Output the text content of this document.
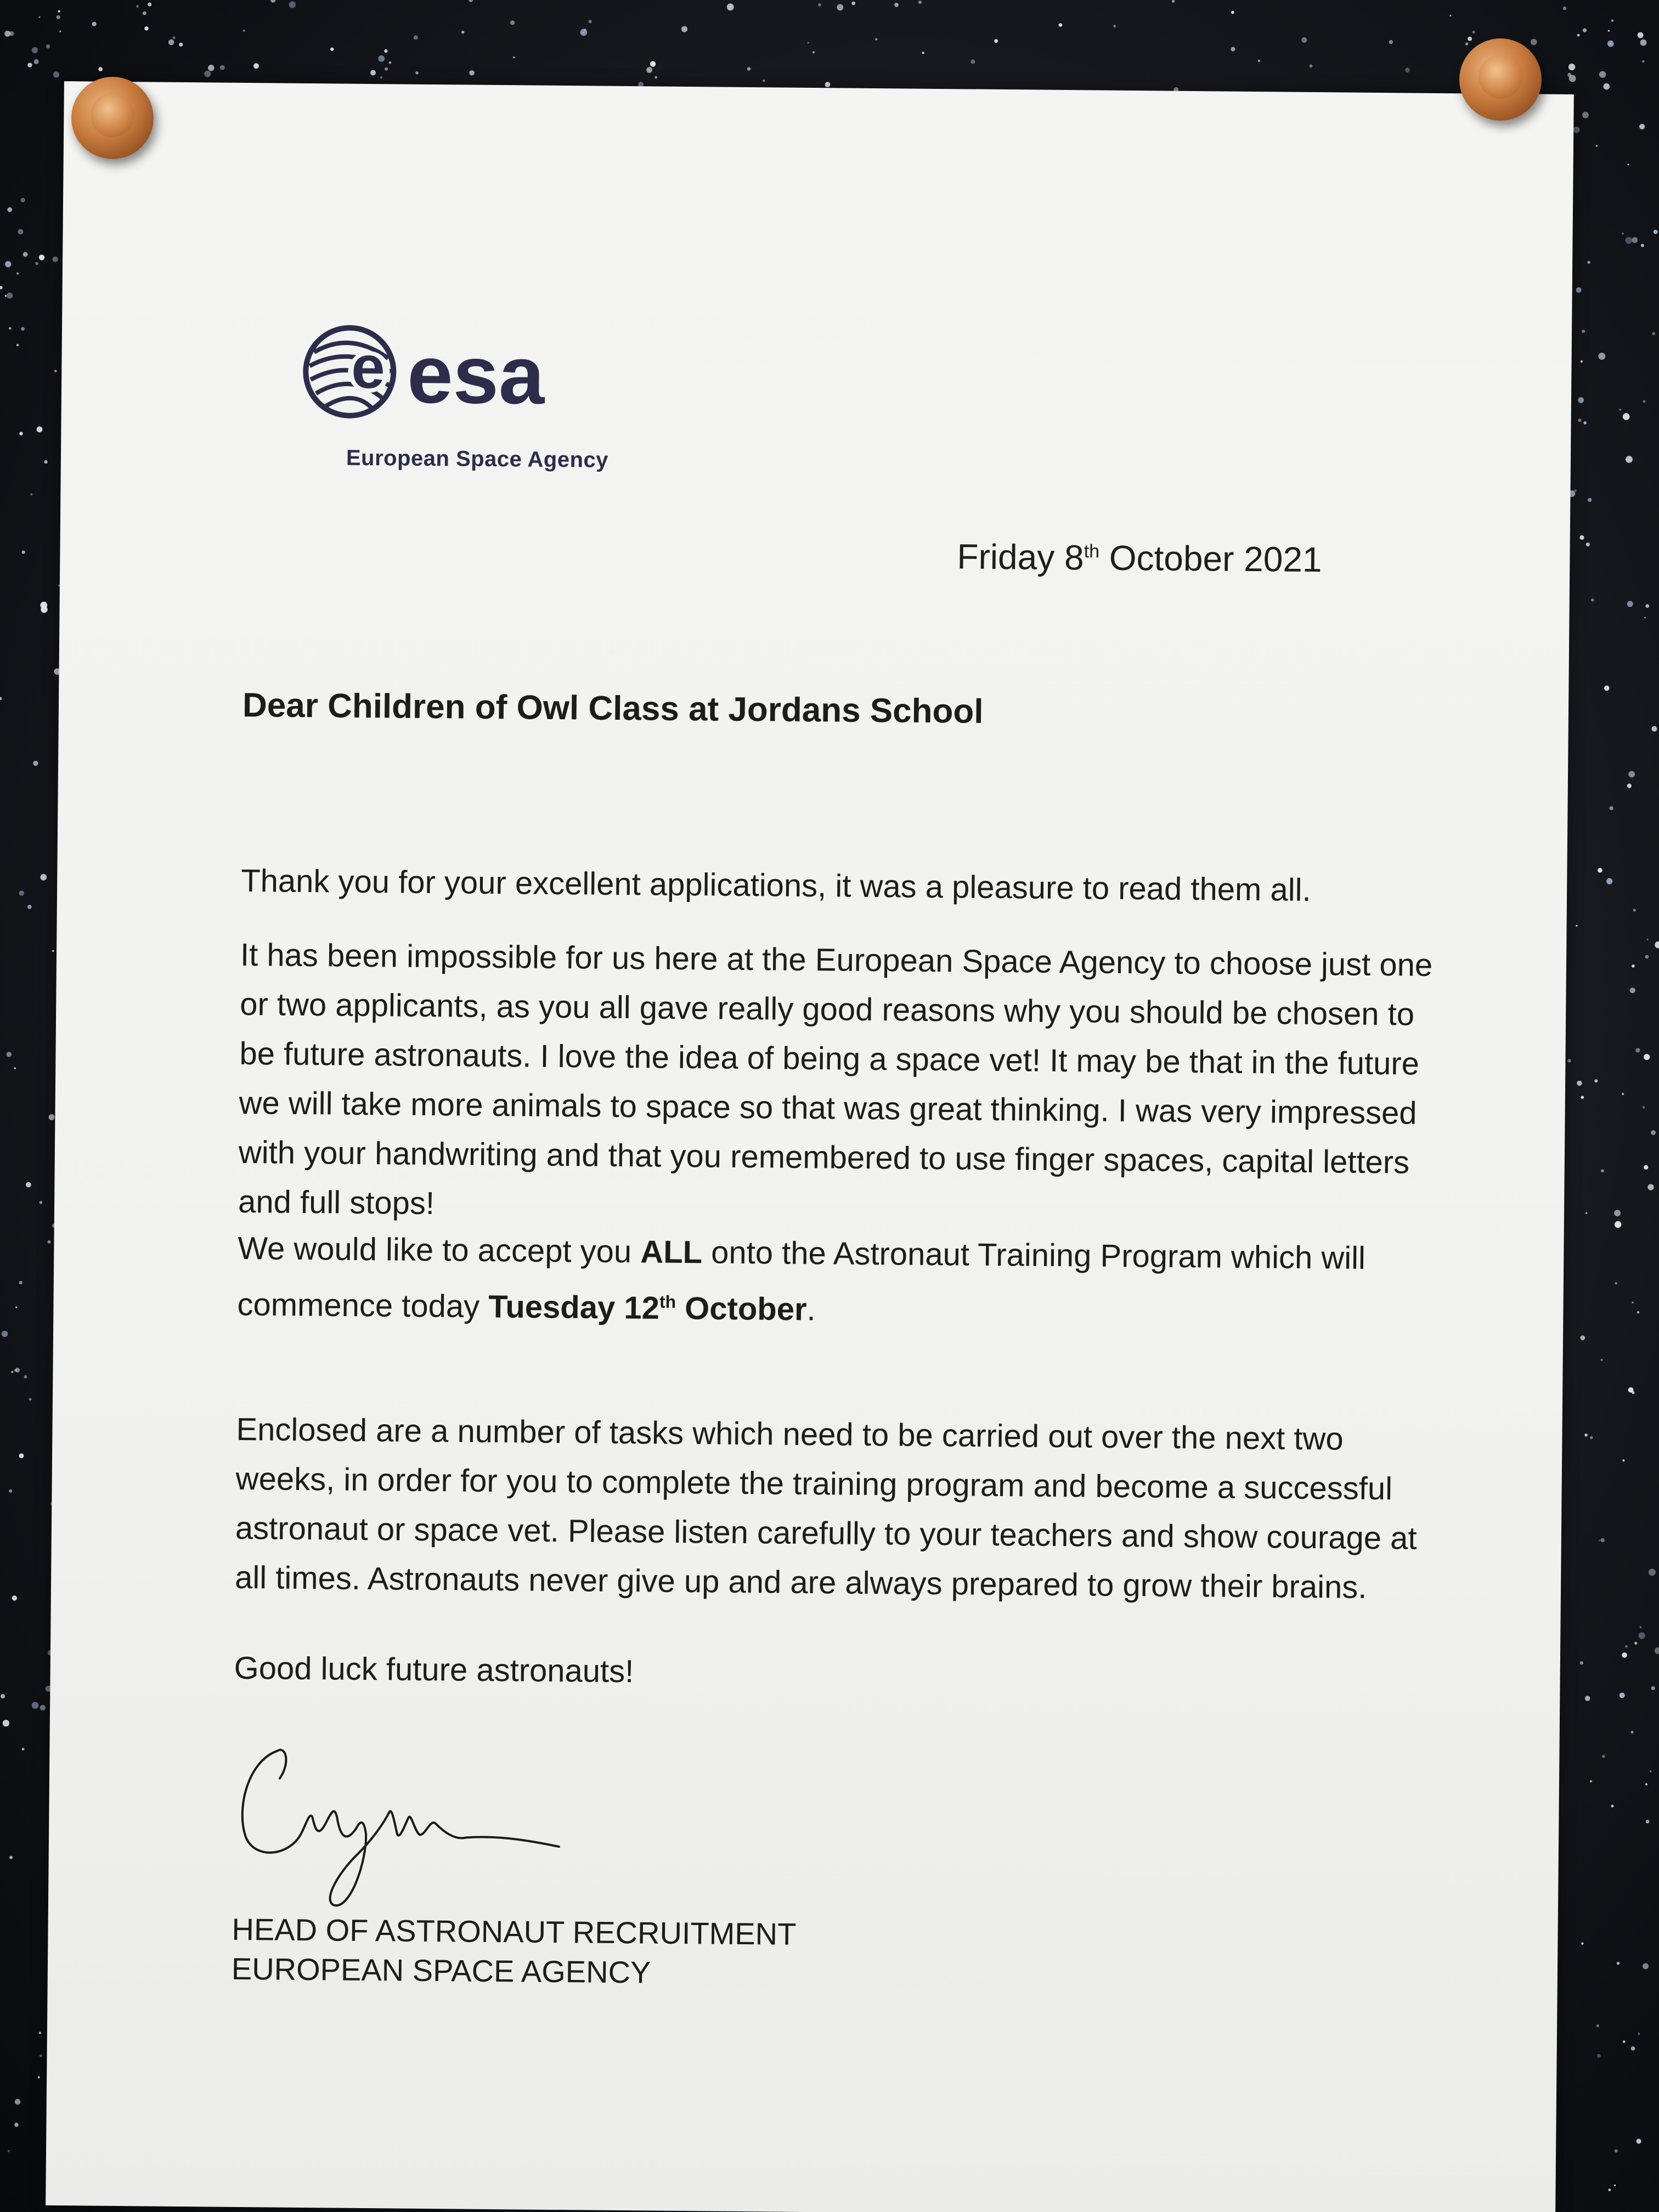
e esa
European Space Agency
Friday 8th October 2021
Dear Children of Owl Class at Jordans School
Thank you for your excellent applications, it was a pleasure to read them all.
It has been impossible for us here at the European Space Agency to choose just one or two applicants, as you all gave really good reasons why you should be chosen to be future astronauts. I love the idea of being a space vet! It may be that in the future we will take more animals to space so that was great thinking. I was very impressed with your handwriting and that you remembered to use finger spaces, capital letters and full stops!
We would like to accept you ALL onto the Astronaut Training Program which will commence today Tuesday 12th October.
Enclosed are a number of tasks which need to be carried out over the next two weeks, in order for you to complete the training program and become a successful astronaut or space vet. Please listen carefully to your teachers and show courage at all times. Astronauts never give up and are always prepared to grow their brains.
Good luck future astronauts!
HEAD OF ASTRONAUT RECRUITMENT
EUROPEAN SPACE AGENCY
